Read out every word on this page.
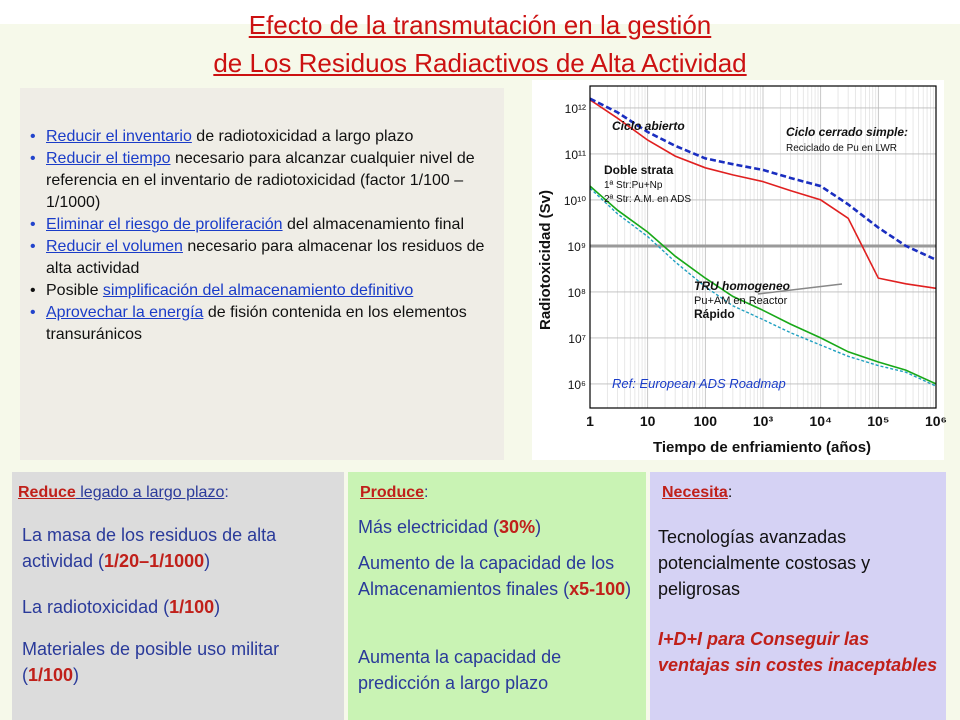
Efecto de la transmutación en la gestión
de Los Residuos Radiactivos de Alta Actividad
• Reducir el inventario de radiotoxicidad a largo plazo
• Reducir el tiempo necesario para alcanzar cualquier nivel de referencia en el inventario de radiotoxicidad (factor 1/100 – 1/1000)
• Eliminar el riesgo de proliferación del almacenamiento final
• Reducir el volumen necesario para almacenar los residuos de alta actividad
• Posible simplificación del almacenamiento definitivo
• Aprovechar la energía de fisión contenida en los elementos transuránicos
1	10	100	10³	10⁴	10⁵	10⁶
10¹²
10¹¹
10¹⁰
10⁹
10⁸
10⁷
10⁶
Radiotoxicidad (Sv)
Tiempo de enfriamiento (años)
Ciclo abierto	Ciclo cerrado simple:
Reciclado de Pu en LWR
Doble strata
1ª Str:Pu+Np
2ª Str: A.M. en ADS
TRU homogeneo
Pu+AM en Reactor
Rápido
Ref: European ADS Roadmap
Reduce legado a largo plazo:
La masa de los residuos de alta actividad (1/20–1/1000)
La radiotoxicidad (1/100)
Materiales de posible uso militar (1/100)
Produce:
Más electricidad (30%)
Aumento de la capacidad de los Almacenamientos finales (x5-100)
Aumenta la capacidad de predicción a largo plazo
Necesita:
Tecnologías avanzadas potencialmente costosas y peligrosas
I+D+I para Conseguir las ventajas sin costes inaceptables
